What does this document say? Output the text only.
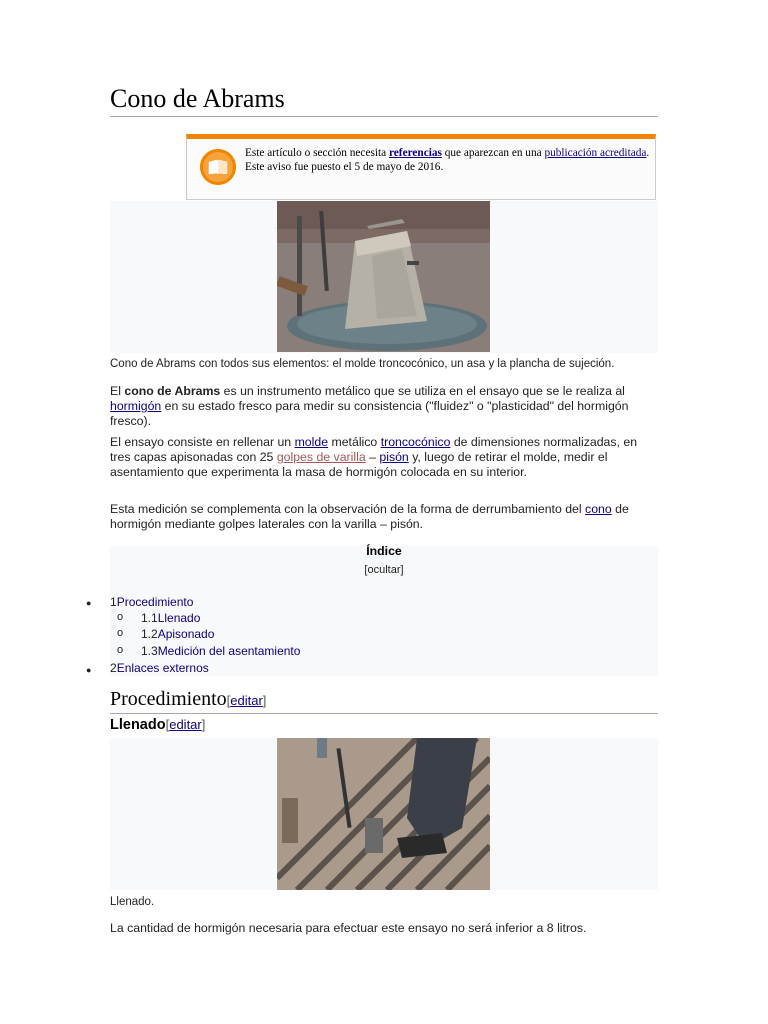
Cono de Abrams
Este artículo o sección necesita referencias que aparezcan en una publicación acreditada.
Este aviso fue puesto el 5 de mayo de 2016.
Cono de Abrams con todos sus elementos: el molde troncocónico, un asa y la plancha de sujeción.
El cono de Abrams es un instrumento metálico que se utiliza en el ensayo que se le realiza al hormigón en su estado fresco para medir su consistencia ("fluidez" o "plasticidad" del hormigón fresco).
El ensayo consiste en rellenar un molde metálico troncocónico de dimensiones normalizadas, en tres capas apisonadas con 25 golpes de varilla – pisón y, luego de retirar el molde, medir el asentamiento que experimenta la masa de hormigón colocada en su interior.
Esta medición se complementa con la observación de la forma de derrumbamiento del cono de hormigón mediante golpes laterales con la varilla – pisón.
Índice
[ocultar]
● 1Procedimiento
o 1.1Llenado
o 1.2Apisonado
o 1.3Medición del asentamiento
● 2Enlaces externos
Procedimiento[editar]
Llenado[editar]
Llenado.
La cantidad de hormigón necesaria para efectuar este ensayo no será inferior a 8 litros.
